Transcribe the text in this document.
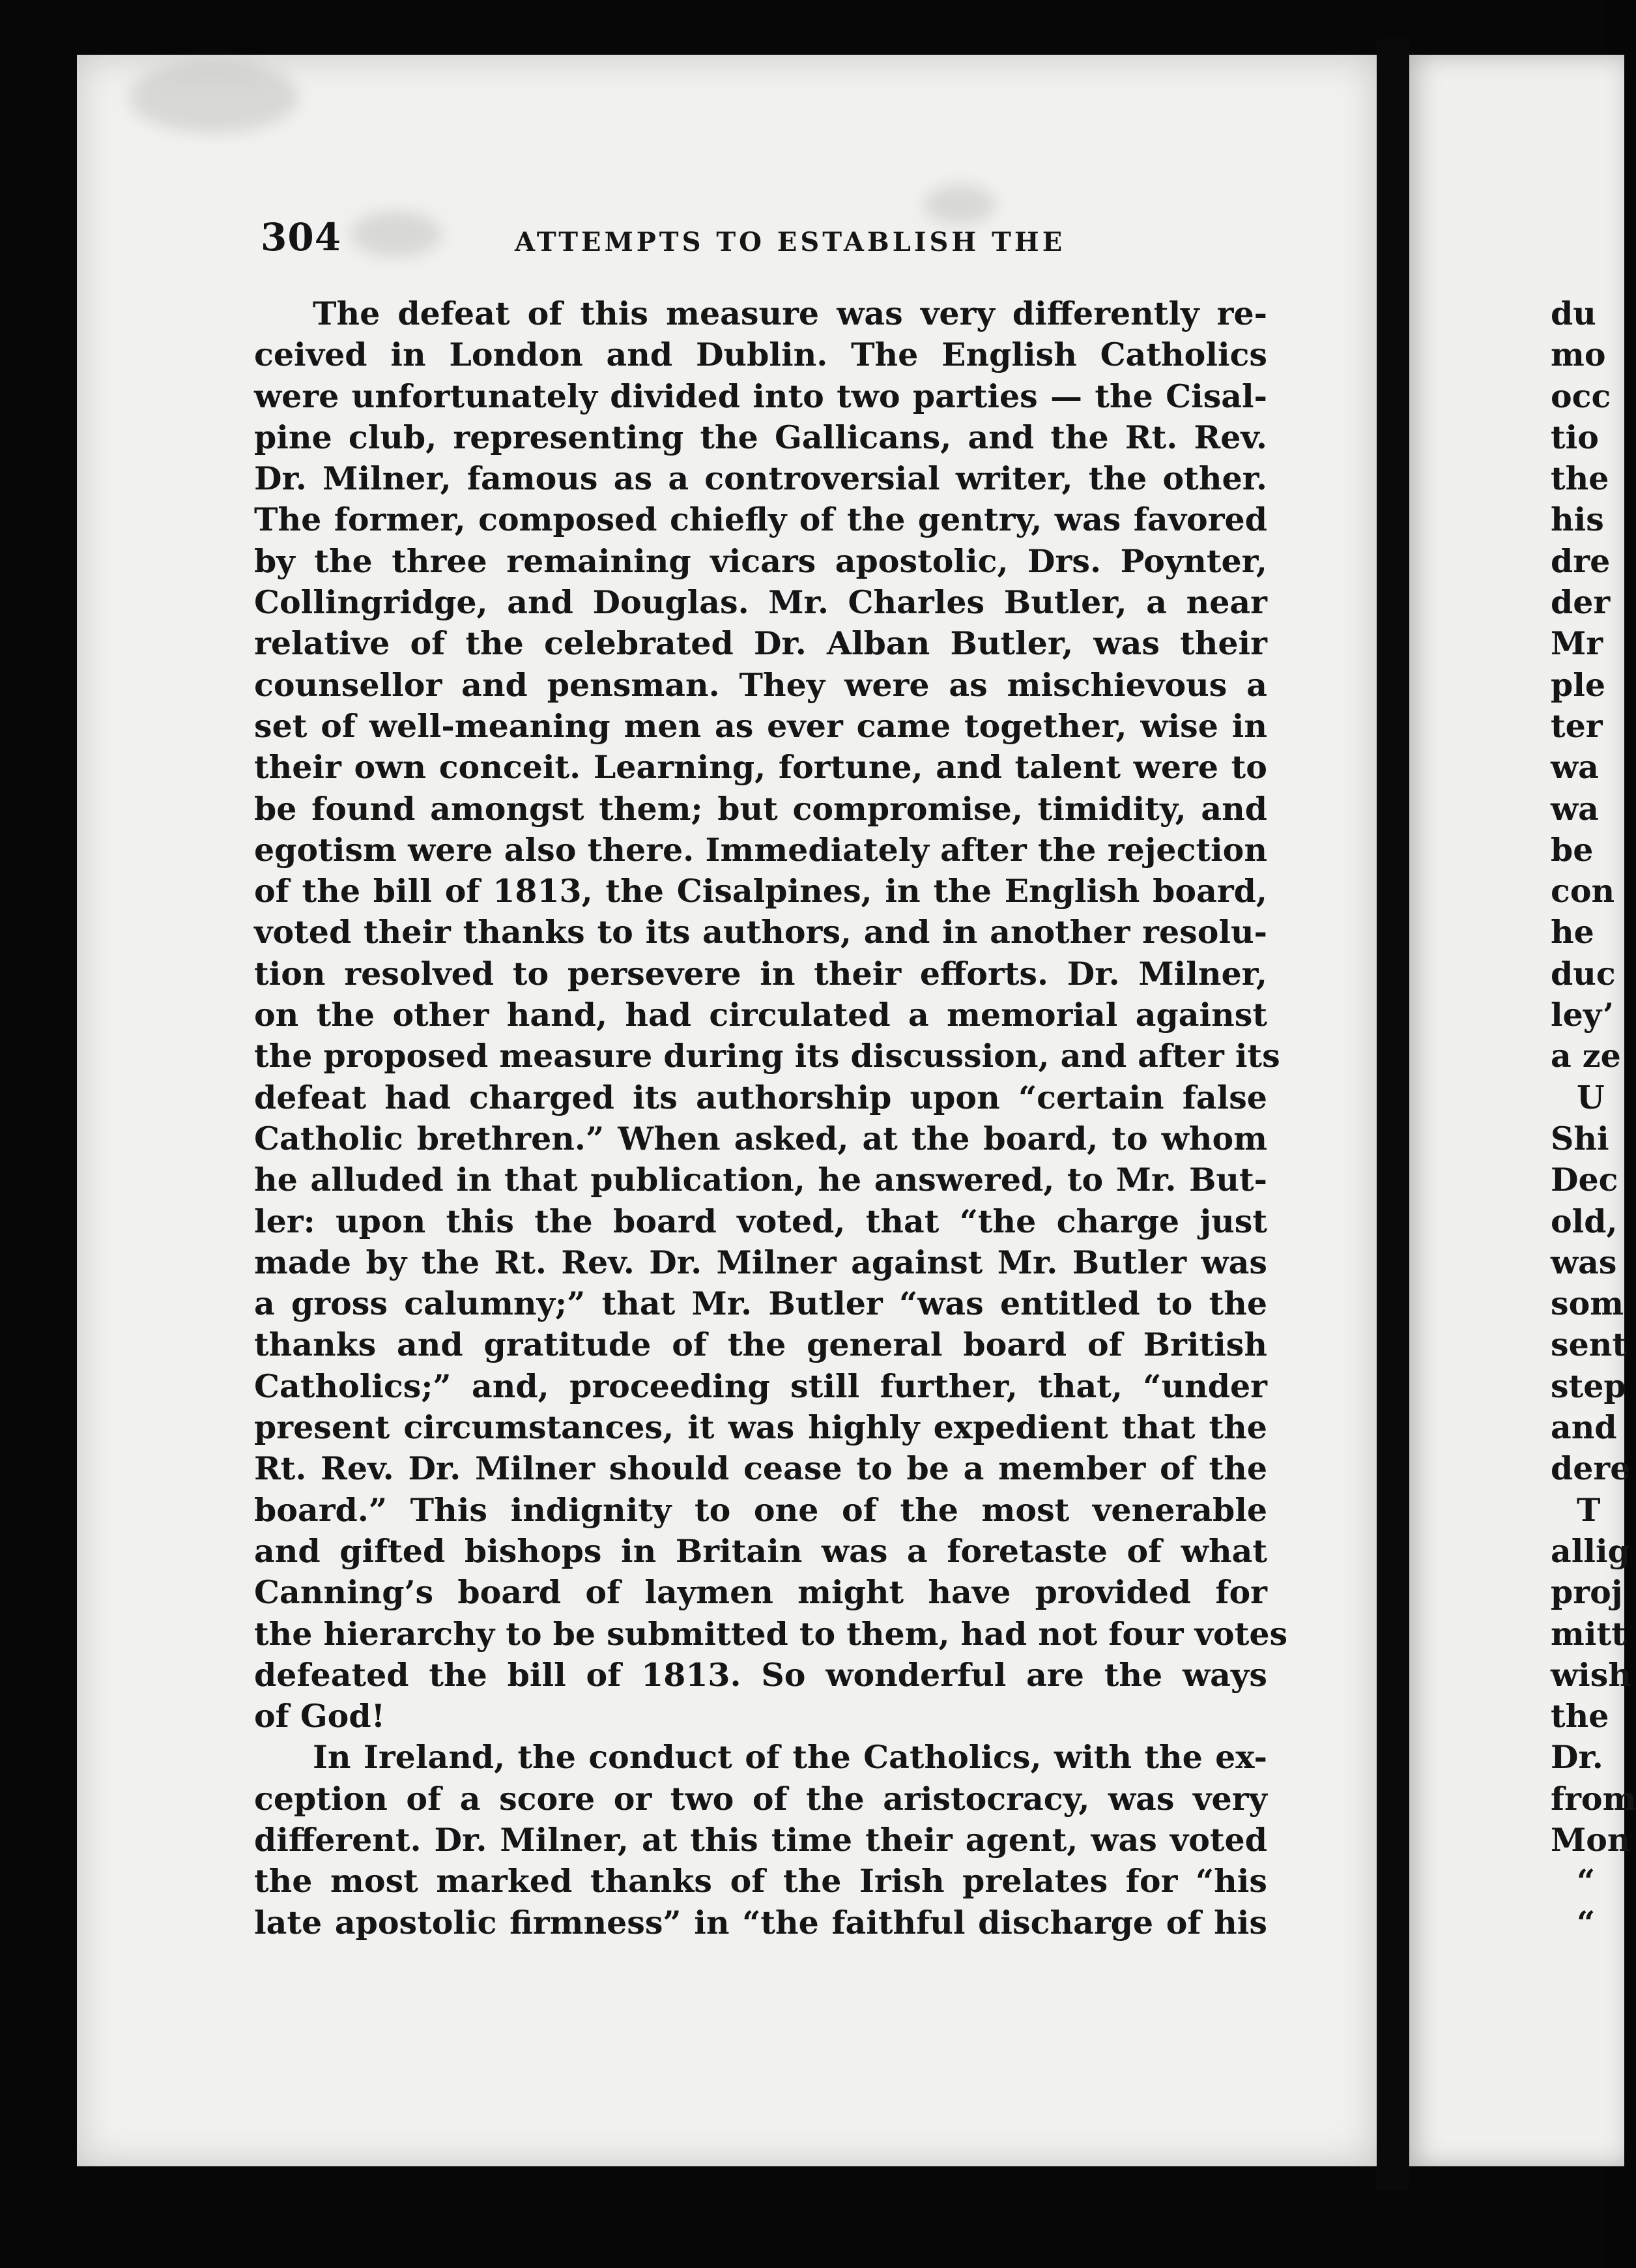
304	ATTEMPTS TO ESTABLISH THE
The defeat of this measure was very differently re-
ceived in London and Dublin. The English Catholics
were unfortunately divided into two parties — the Cisal-
pine club, representing the Gallicans, and the Rt. Rev.
Dr. Milner, famous as a controversial writer, the other.
The former, composed chiefly of the gentry, was favored
by the three remaining vicars apostolic, Drs. Poynter,
Collingridge, and Douglas. Mr. Charles Butler, a near
relative of the celebrated Dr. Alban Butler, was their
counsellor and pensman. They were as mischievous a
set of well-meaning men as ever came together, wise in
their own conceit. Learning, fortune, and talent were to
be found amongst them; but compromise, timidity, and
egotism were also there. Immediately after the rejection
of the bill of 1813, the Cisalpines, in the English board,
voted their thanks to its authors, and in another resolu-
tion resolved to persevere in their efforts. Dr. Milner,
on the other hand, had circulated a memorial against
the proposed measure during its discussion, and after its
defeat had charged its authorship upon “certain false
Catholic brethren.” When asked, at the board, to whom
he alluded in that publication, he answered, to Mr. But-
ler: upon this the board voted, that “the charge just
made by the Rt. Rev. Dr. Milner against Mr. Butler was
a gross calumny;” that Mr. Butler “was entitled to the
thanks and gratitude of the general board of British
Catholics;” and, proceeding still further, that, “under
present circumstances, it was highly expedient that the
Rt. Rev. Dr. Milner should cease to be a member of the
board.” This indignity to one of the most venerable
and gifted bishops in Britain was a foretaste of what
Canning’s board of laymen might have provided for
the hierarchy to be submitted to them, had not four votes
defeated the bill of 1813. So wonderful are the ways
of God!
In Ireland, the conduct of the Catholics, with the ex-
ception of a score or two of the aristocracy, was very
different. Dr. Milner, at this time their agent, was voted
the most marked thanks of the Irish prelates for “his
late apostolic firmness” in “the faithful discharge of his
du
mo
occ
tio
the
his
dre
der
Mr
ple
ter
wa
wa
be
con
he
duc
ley’
a ze
U
Shi
Dec
old,
was
som
sent
step
and
dere
T
allig
proj
mitt
wish
the
Dr.
from
Mon
“
“
